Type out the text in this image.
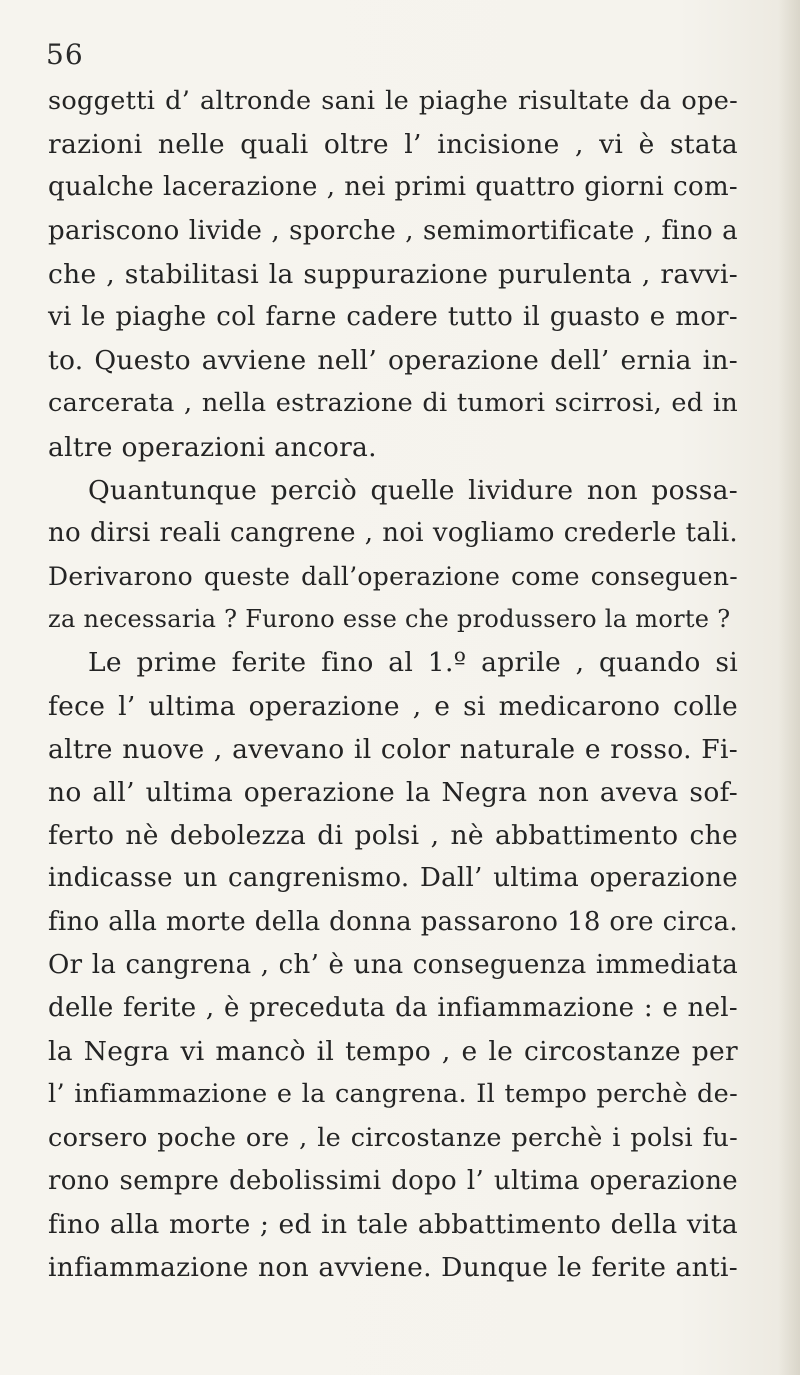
56
soggetti d’ altronde sani le piaghe risultate da ope-
razioni nelle quali oltre l’ incisione , vi è stata
qualche lacerazione , nei primi quattro giorni com-
pariscono livide , sporche , semimortificate , fino a
che , stabilitasi la suppurazione purulenta , ravvi-
vi le piaghe col farne cadere tutto il guasto e mor-
to. Questo avviene nell’ operazione dell’ ernia in-
carcerata , nella estrazione di tumori scirrosi, ed in
altre operazioni ancora.
Quantunque perciò quelle lividure non possa-
no dirsi reali cangrene , noi vogliamo crederle tali.
Derivarono queste dall’operazione come conseguen-
za necessaria ? Furono esse che produssero la morte ?
Le prime ferite fino al 1.º aprile , quando si
fece l’ ultima operazione , e si medicarono colle
altre nuove , avevano il color naturale e rosso. Fi-
no all’ ultima operazione la Negra non aveva sof-
ferto nè debolezza di polsi , nè abbattimento che
indicasse un cangrenismo. Dall’ ultima operazione
fino alla morte della donna passarono 18 ore circa.
Or la cangrena , ch’ è una conseguenza immediata
delle ferite , è preceduta da infiammazione : e nel-
la Negra vi mancò il tempo , e le circostanze per
l’ infiammazione e la cangrena. Il tempo perchè de-
corsero poche ore , le circostanze perchè i polsi fu-
rono sempre debolissimi dopo l’ ultima operazione
fino alla morte ; ed in tale abbattimento della vita
infiammazione non avviene. Dunque le ferite anti-
